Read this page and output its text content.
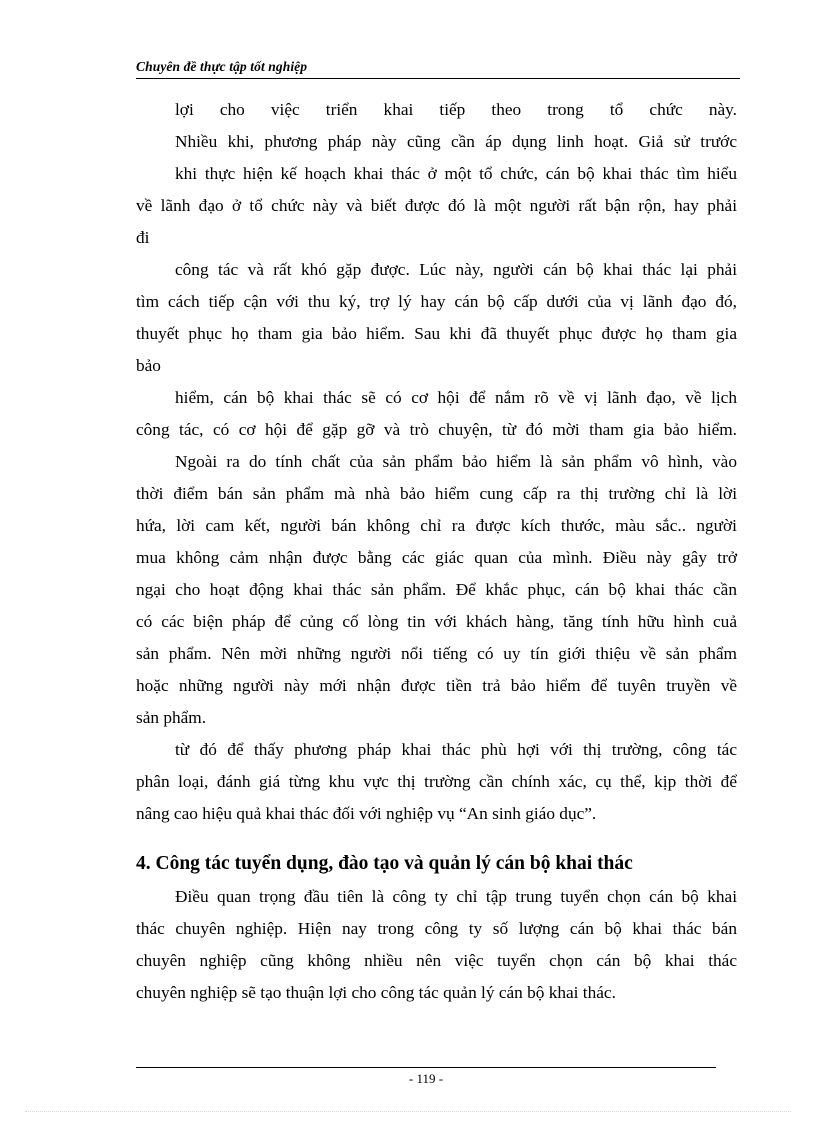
Chuyên đề thực tập tốt nghiệp
lợi cho việc triển khai tiếp theo trong tổ chức này.
Nhiều khi, phương pháp này cũng cần áp dụng linh hoạt. Giả sử trước
khi thực hiện kế hoạch khai thác ở một tổ chức, cán bộ khai thác tìm hiểu
về lãnh đạo ở tổ chức này và biết được đó là một người rất bận rộn, hay phải
đi
công tác và rất khó gặp được. Lúc này, người cán bộ khai thác lại phải
tìm cách tiếp cận với thu ký, trợ lý hay cán bộ cấp dưới của vị lãnh đạo đó,
thuyết phục họ tham gia bảo hiểm. Sau khi đã thuyết phục được họ tham gia
bảo
hiểm, cán bộ khai thác sẽ có cơ hội để nắm rõ về vị lãnh đạo, về lịch
công tác, có cơ hội để gặp gỡ và trò chuyện, từ đó mời tham gia bảo hiểm.
Ngoài ra do tính chất của sản phẩm bảo hiểm là sản phẩm vô hình, vào
thời điểm bán sản phẩm mà nhà bảo hiểm cung cấp ra thị trường chỉ là lời
hứa, lời cam kết, người bán không chỉ ra được kích thước, màu sắc.. người
mua không cảm nhận được bằng các giác quan của mình. Điều này gây trở
ngại cho hoạt động khai thác sản phẩm. Để khắc phục, cán bộ khai thác cần
có các biện pháp để củng cố lòng tin với khách hàng, tăng tính hữu hình cuả
sản phẩm. Nên mời những người nổi tiếng có uy tín giới thiệu về sản phẩm
hoặc những người này mới nhận được tiền trả bảo hiểm để tuyên truyền về
sản phẩm.
từ đó để thấy phương pháp khai thác phù hợi với thị trường, công tác
phân loại, đánh giá từng khu vực thị trường cần chính xác, cụ thể, kịp thời để
nâng cao hiệu quả khai thác đối với nghiệp vụ “An sinh giáo dục”.
4. Công tác tuyển dụng, đào tạo và quản lý cán bộ khai thác
Điều quan trọng đầu tiên là công ty chỉ tập trung tuyển chọn cán bộ khai
thác chuyên nghiệp. Hiện nay trong công ty số lượng cán bộ khai thác bán
chuyên nghiệp cũng không nhiều nên việc tuyển chọn cán bộ khai thác
chuyên nghiệp sẽ tạo thuận lợi cho công tác quản lý cán bộ khai thác.
- 119 -
